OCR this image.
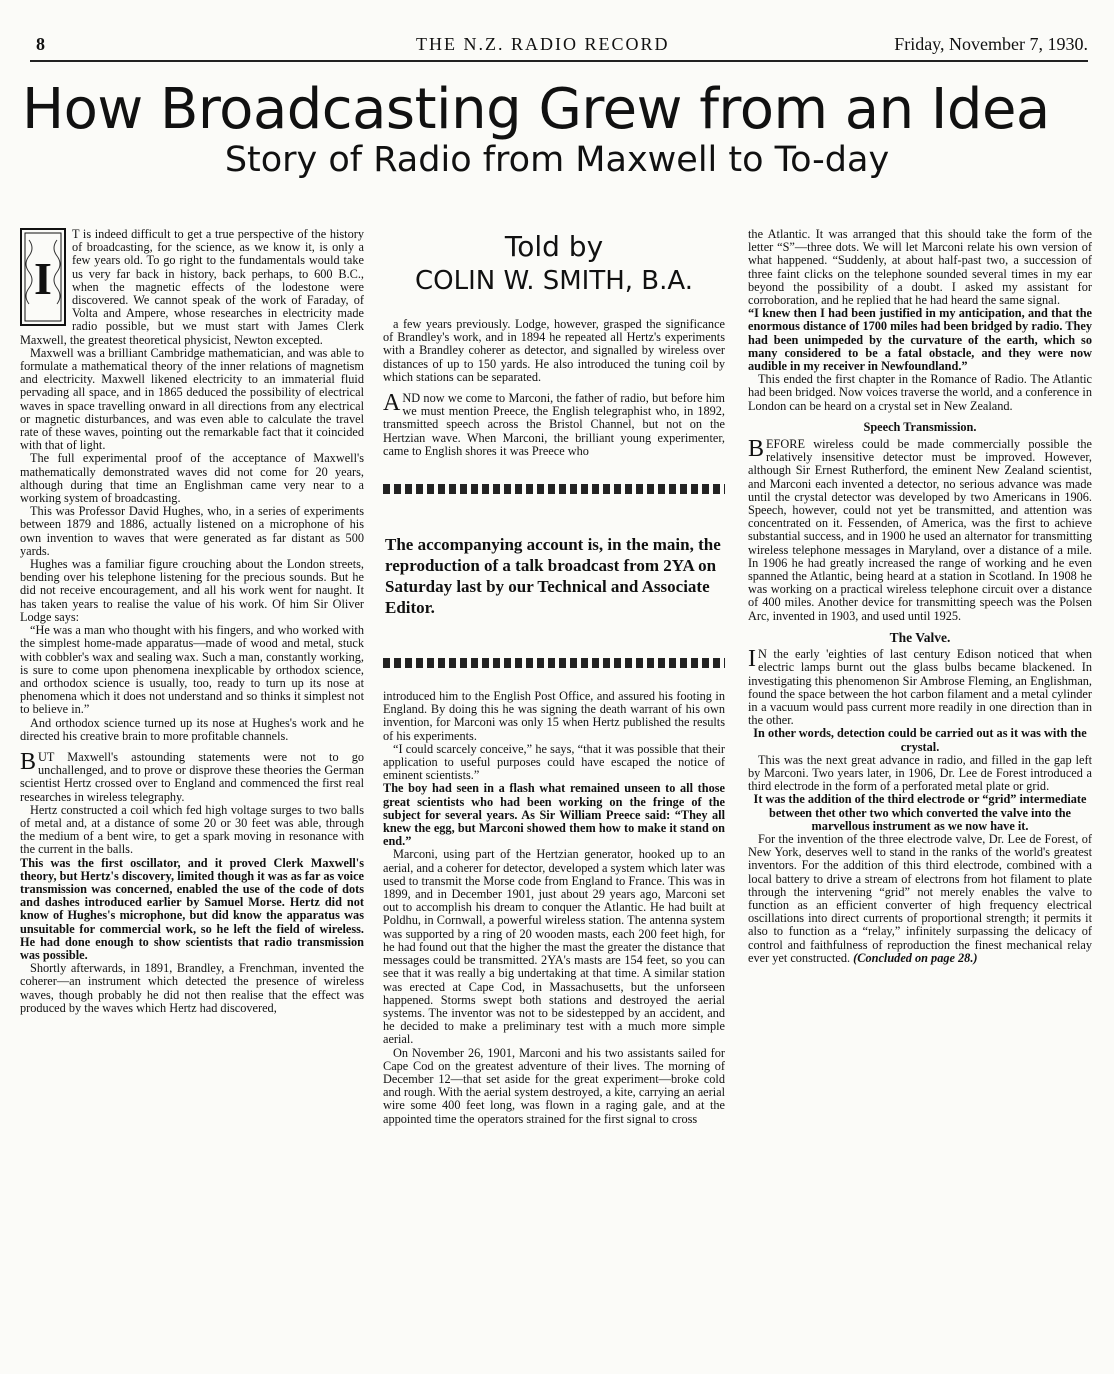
8	THE N.Z. RADIO RECORD	Friday, November 7, 1930.
How Broadcasting Grew from an Idea
Story of Radio from Maxwell to To-day

I
T is indeed difficult to get a true perspective of the history of broadcasting, for the science, as we know it, is only a few years old. To go right to the fundamentals would take us very far back in history, back perhaps, to 600 B.C., when the magnetic effects of the lodestone were discovered. We cannot speak of the work of Faraday, of Volta and Ampere, whose researches in electricity made radio possible, but we must start with James Clerk Maxwell, the greatest theoretical physicist, Newton excepted.

Maxwell was a brilliant Cambridge mathematician, and was able to formulate a mathematical theory of the inner relations of magnetism and electricity. Maxwell likened electricity to an immaterial fluid pervading all space, and in 1865 deduced the possibility of electrical waves in space travelling onward in all directions from any electrical or magnetic disturbances, and was even able to calculate the travel rate of these waves, pointing out the remarkable fact that it coincided with that of light.

The full experimental proof of the acceptance of Maxwell's mathematically demonstrated waves did not come for 20 years, although during that time an Englishman came very near to a working system of broadcasting.

This was Professor David Hughes, who, in a series of experiments between 1879 and 1886, actually listened on a microphone of his own invention to waves that were generated as far distant as 500 yards.

Hughes was a familiar figure crouching about the London streets, bending over his telephone listening for the precious sounds. But he did not receive encouragement, and all his work went for naught. It has taken years to realise the value of his work. Of him Sir Oliver Lodge says:

“He was a man who thought with his fingers, and who worked with the simplest home-made apparatus—made of wood and metal, stuck with cobbler's wax and sealing wax. Such a man, constantly working, is sure to come upon phenomena inexplicable by orthodox science, and orthodox science is usually, too, ready to turn up its nose at phenomena which it does not understand and so thinks it simplest not to believe in.”

And orthodox science turned up its nose at Hughes's work and he directed his creative brain to more profitable channels.

BUT Maxwell's astounding statements were not to go unchallenged, and to prove or disprove these theories the German scientist Hertz crossed over to England and commenced the first real researches in wireless telegraphy.

Hertz constructed a coil which fed high voltage surges to two balls of metal and, at a distance of some 20 or 30 feet was able, through the medium of a bent wire, to get a spark moving in resonance with the current in the balls.

This was the first oscillator, and it proved Clerk Maxwell's theory, but Hertz's discovery, limited though it was as far as voice transmission was concerned, enabled the use of the code of dots and dashes introduced earlier by Samuel Morse. Hertz did not know of Hughes's microphone, but did know the apparatus was unsuitable for commercial work, so he left the field of wireless. He had done enough to show scientists that radio transmission was possible.

Shortly afterwards, in 1891, Brandley, a Frenchman, invented the coherer—an instrument which detected the presence of wireless waves, though probably he did not then realise that the effect was produced by the waves which Hertz had discovered,

Told by
COLIN W. SMITH, B.A.

a few years previously. Lodge, however, grasped the significance of Brandley's work, and in 1894 he repeated all Hertz's experiments with a Brandley coherer as detector, and signalled by wireless over distances of up to 150 yards. He also introduced the tuning coil by which stations can be separated.

AND now we come to Marconi, the father of radio, but before him we must mention Preece, the English telegraphist who, in 1892, transmitted speech across the Bristol Channel, but not on the Hertzian wave. When Marconi, the brilliant young experimenter, came to English shores it was Preece who

The accompanying account is, in the main, the reproduction of a talk broadcast from 2YA on Saturday last by our Technical and Associate Editor.

introduced him to the English Post Office, and assured his footing in England. By doing this he was signing the death warrant of his own invention, for Marconi was only 15 when Hertz published the results of his experiments.

“I could scarcely conceive,” he says, “that it was possible that their application to useful purposes could have escaped the notice of eminent scientists.”

The boy had seen in a flash what remained unseen to all those great scientists who had been working on the fringe of the subject for several years. As Sir William Preece said: “They all knew the egg, but Marconi showed them how to make it stand on end.”

Marconi, using part of the Hertzian generator, hooked up to an aerial, and a coherer for detector, developed a system which later was used to transmit the Morse code from England to France. This was in 1899, and in December 1901, just about 29 years ago, Marconi set out to accomplish his dream to conquer the Atlantic. He had built at Poldhu, in Cornwall, a powerful wireless station. The antenna system was supported by a ring of 20 wooden masts, each 200 feet high, for he had found out that the higher the mast the greater the distance that messages could be transmitted. 2YA's masts are 154 feet, so you can see that it was really a big undertaking at that time. A similar station was erected at Cape Cod, in Massachusetts, but the unforseen happened. Storms swept both stations and destroyed the aerial systems. The inventor was not to be sidestepped by an accident, and he decided to make a preliminary test with a much more simple aerial.

On November 26, 1901, Marconi and his two assistants sailed for Cape Cod on the greatest adventure of their lives. The morning of December 12—that set aside for the great experiment—broke cold and rough. With the aerial system destroyed, a kite, carrying an aerial wire some 400 feet long, was flown in a raging gale, and at the appointed time the operators strained for the first signal to cross

the Atlantic. It was arranged that this should take the form of the letter “S”—three dots. We will let Marconi relate his own version of what happened. “Suddenly, at about half-past two, a succession of three faint clicks on the telephone sounded several times in my ear beyond the possibility of a doubt. I asked my assistant for corroboration, and he replied that he had heard the same signal.

“I knew then I had been justified in my anticipation, and that the enormous distance of 1700 miles had been bridged by radio. They had been unimpeded by the curvature of the earth, which so many considered to be a fatal obstacle, and they were now audible in my receiver in Newfoundland.”

This ended the first chapter in the Romance of Radio. The Atlantic had been bridged. Now voices traverse the world, and a conference in London can be heard on a crystal set in New Zealand.

Speech Transmission.

BEFORE wireless could be made commercially possible the relatively insensitive detector must be improved. However, although Sir Ernest Rutherford, the eminent New Zealand scientist, and Marconi each invented a detector, no serious advance was made until the crystal detector was developed by two Americans in 1906. Speech, however, could not yet be transmitted, and attention was concentrated on it. Fessenden, of America, was the first to achieve substantial success, and in 1900 he used an alternator for transmitting wireless telephone messages in Maryland, over a distance of a mile. In 1906 he had greatly increased the range of working and he even spanned the Atlantic, being heard at a station in Scotland. In 1908 he was working on a practical wireless telephone circuit over a distance of 400 miles. Another device for transmitting speech was the Polsen Arc, invented in 1903, and used until 1925.

The Valve.

I N the early 'eighties of last century Edison noticed that when electric lamps burnt out the glass bulbs became blackened. In investigating this phenomenon Sir Ambrose Fleming, an Englishman, found the space between the hot carbon filament and a metal cylinder in a vacuum would pass current more readily in one direction than in the other.

In other words, detection could be carried out as it was with the crystal.

This was the next great advance in radio, and filled in the gap left by Marconi. Two years later, in 1906, Dr. Lee de Forest introduced a third electrode in the form of a perforated metal plate or grid.

It was the addition of the third electrode or “grid” intermediate between thet other two which converted the valve into the marvellous instrument as we now have it.

For the invention of the three electrode valve, Dr. Lee de Forest, of New York, deserves well to stand in the ranks of the world's greatest inventors. For the addition of this third electrode, combined with a local battery to drive a stream of electrons from hot filament to plate through the intervening “grid” not merely enables the valve to function as an efficient converter of high frequency electrical oscillations into direct currents of proportional strength; it permits it also to function as a “relay,” infinitely surpassing the delicacy of control and faithfulness of reproduction the finest mechanical relay ever yet constructed. (Concluded on page 28.)
